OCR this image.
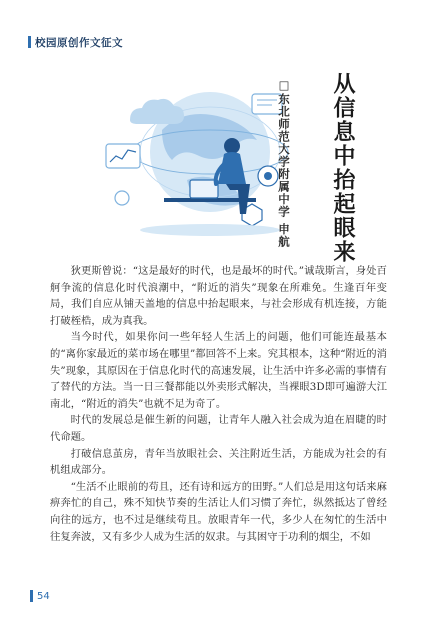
校园原创作文征文
从信息中抬起眼来
□东北师范大学附属中学 申航

狄更斯曾说：“这是最好的时代，也是最坏的时代。”诚哉斯言，身处百舸争流的信息化时代浪潮中，“附近的消失”现象在所难免。生逢百年变局，我们自应从铺天盖地的信息中抬起眼来，与社会形成有机连接，方能打破桎梏，成为真我。

当今时代，如果你问一些年轻人生活上的问题，他们可能连最基本的“离你家最近的菜市场在哪里”都回答不上来。究其根本，这种“附近的消失”现象，其原因在于信息化时代的高速发展，让生活中许多必需的事情有了替代的方法。当一日三餐都能以外卖形式解决，当裸眼3D即可遍游大江南北，“附近的消失”也就不足为奇了。

时代的发展总是催生新的问题，让青年人融入社会成为迫在眉睫的时代命题。

打破信息茧房，青年当放眼社会、关注附近生活，方能成为社会的有机组成部分。

“生活不止眼前的苟且，还有诗和远方的田野。”人们总是用这句话来麻痹奔忙的自己，殊不知快节奏的生活让人们习惯了奔忙，纵然抵达了曾经向往的远方，也不过是继续苟且。放眼青年一代，多少人在匆忙的生活中往复奔波，又有多少人成为生活的奴隶。与其困守于功利的烟尘，不如

54
